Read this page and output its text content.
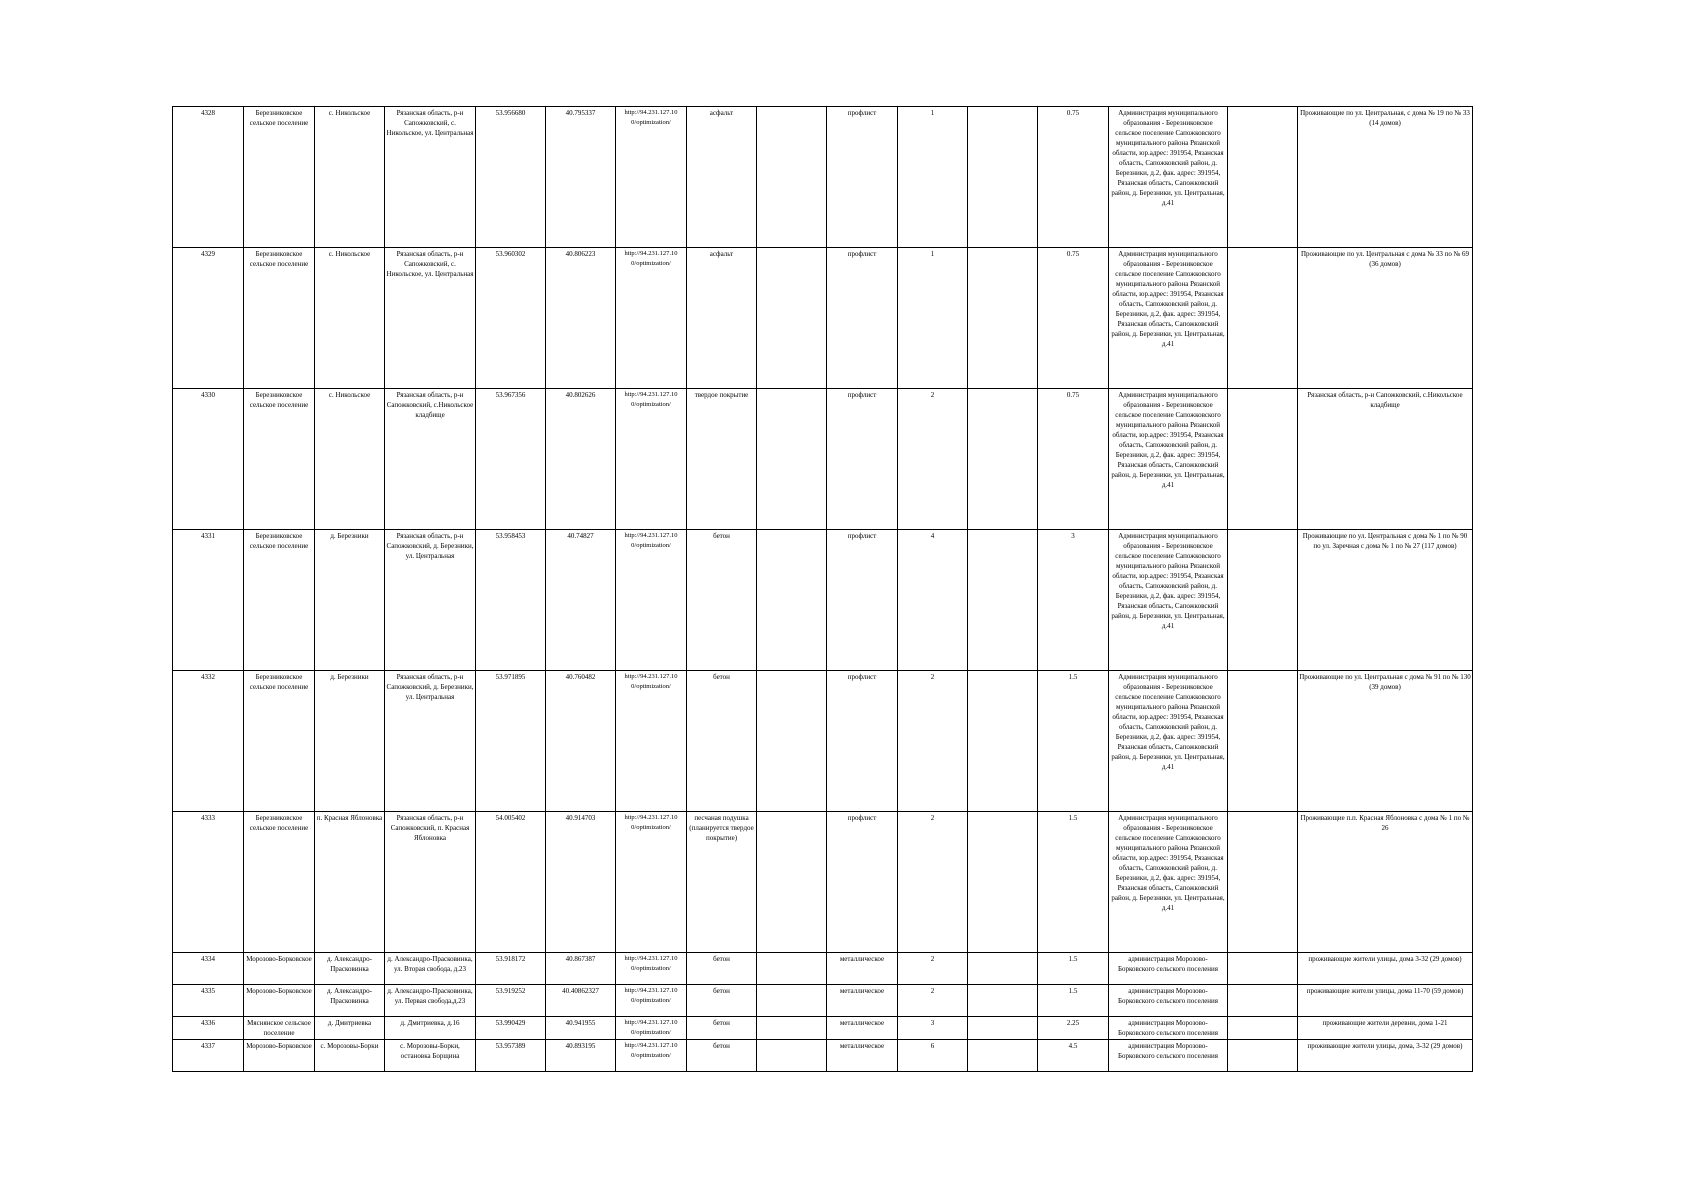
4328	Березниковское сельское поселение	с. Никольское	Рязанская область, р-н Сапожковский, с. Никольское, ул. Центральная	53.956680	40.795337	http://94.231.127.10 0/optimization/	асфальт		профлист	1		0.75	Администрация муниципального образования - Березниковское сельское поселение Сапожковского муниципального района Рязанской области, юр.адрес: 391954, Рязанская область, Сапожковский район, д. Березники, д.2, фак. адрес: 391954, Рязанская область, Сапожковский район, д. Березники, ул. Центральная, д.41		Проживающие по ул. Центральная, с дома № 19 по № 33 (14 домов)
4329	Березниковское сельское поселение	с. Никольское	Рязанская область, р-н Сапожковский, с. Никольское, ул. Центральная	53.960302	40.806223	http://94.231.127.10 0/optimization/	асфальт		профлист	1		0.75	Администрация муниципального образования - Березниковское сельское поселение Сапожковского муниципального района Рязанской области, юр.адрес: 391954, Рязанская область, Сапожковский район, д. Березники, д.2, фак. адрес: 391954, Рязанская область, Сапожковский район, д. Березники, ул. Центральная, д.41		Проживающие по ул. Центральная с дома № 33 по № 69 (36 домов)
4330	Березниковское сельское поселение	с. Никольское	Рязанская область, р-н Сапожковский, с.Никольское кладбище	53.967356	40.802626	http://94.231.127.10 0/optimization/	твердое покрытие		профлист	2		0.75	Администрация муниципального образования - Березниковское сельское поселение Сапожковского муниципального района Рязанской области, юр.адрес: 391954, Рязанская область, Сапожковский район, д. Березники, д.2, фак. адрес: 391954, Рязанская область, Сапожковский район, д. Березники, ул. Центральная, д.41		Рязанская область, р-н Сапожковский, с.Никольское кладбище
4331	Березниковское сельское поселение	д. Березники	Рязанская область, р-н Сапожковский, д. Березники, ул. Центральная	53.958453	40.74827	http://94.231.127.10 0/optimization/	бетон		профлист	4		3	Администрация муниципального образования - Березниковское сельское поселение Сапожковского муниципального района Рязанской области, юр.адрес: 391954, Рязанская область, Сапожковский район, д. Березники, д.2, фак. адрес: 391954, Рязанская область, Сапожковский район, д. Березники, ул. Центральная, д.41		Проживающие по ул. Центральная с дома № 1 по № 90 по ул. Заречная с дома № 1 по № 27 (117 домов)
4332	Березниковское сельское поселение	д. Березники	Рязанская область, р-н Сапожковский, д. Березники, ул. Центральная	53.971895	40.760482	http://94.231.127.10 0/optimization/	бетон		профлист	2		1.5	Администрация муниципального образования - Березниковское сельское поселение Сапожковского муниципального района Рязанской области, юр.адрес: 391954, Рязанская область, Сапожковский район, д. Березники, д.2, фак. адрес: 391954, Рязанская область, Сапожковский район, д. Березники, ул. Центральная, д.41		Проживающие по ул. Центральная с дома № 91 по № 130 (39 домов)
4333	Березниковское сельское поселение	п. Красная Яблоновка	Рязанская область, р-н Сапожковский, п. Красная Яблоновка	54.005402	40.914703	http://94.231.127.10 0/optimization/	песчаная подушка (планируется твердое покрытие)		профлист	2		1.5	Администрация муниципального образования - Березниковское сельское поселение Сапожковского муниципального района Рязанской области, юр.адрес: 391954, Рязанская область, Сапожковский район, д. Березники, д.2, фак. адрес: 391954, Рязанская область, Сапожковский район, д. Березники, ул. Центральная, д.41		Проживающие п.п. Красная Яблоновка с дома № 1 по № 26
4334	Морозово-Борковское	д. Александро-Прасковинка	д. Александро-Прасковинка, ул. Вторая свобода, д.23	53.918172	40.867387	http://94.231.127.10 0/optimization/	бетон		металлическое	2		1.5	администрация Морозово-Борковского сельского поселения		проживающие жители улицы, дома 3-32 (29 домов)
4335	Морозово-Борковское	д. Александро-Прасковинка	д. Александро-Прасковинка, ул. Первая свобода,д.23	53.919252	40.40862327	http://94.231.127.10 0/optimization/	бетон		металлическое	2		1.5	администрация Морозово-Борковского сельского поселения		проживающие жители улицы, дома 11-70 (59 домов)
4336	Мяснянское сельское поселение	д. Дмитриевка	д. Дмитриевка, д.16	53.990429	40.941955	http://94.231.127.10 0/optimization/	бетон		металлическое	3		2.25	администрация Морозово-Борковского сельского поселения		проживающие жители деревни, дома 1-21
4337	Морозово-Борковское	с. Морозовы-Борки	с. Морозовы-Борки, остановка Борщина	53.957389	40.893195	http://94.231.127.10 0/optimization/	бетон		металлическое	6		4.5	администрация Морозово-Борковского сельского поселения		проживающие жители улицы, дома, 3-32 (29 домов)
